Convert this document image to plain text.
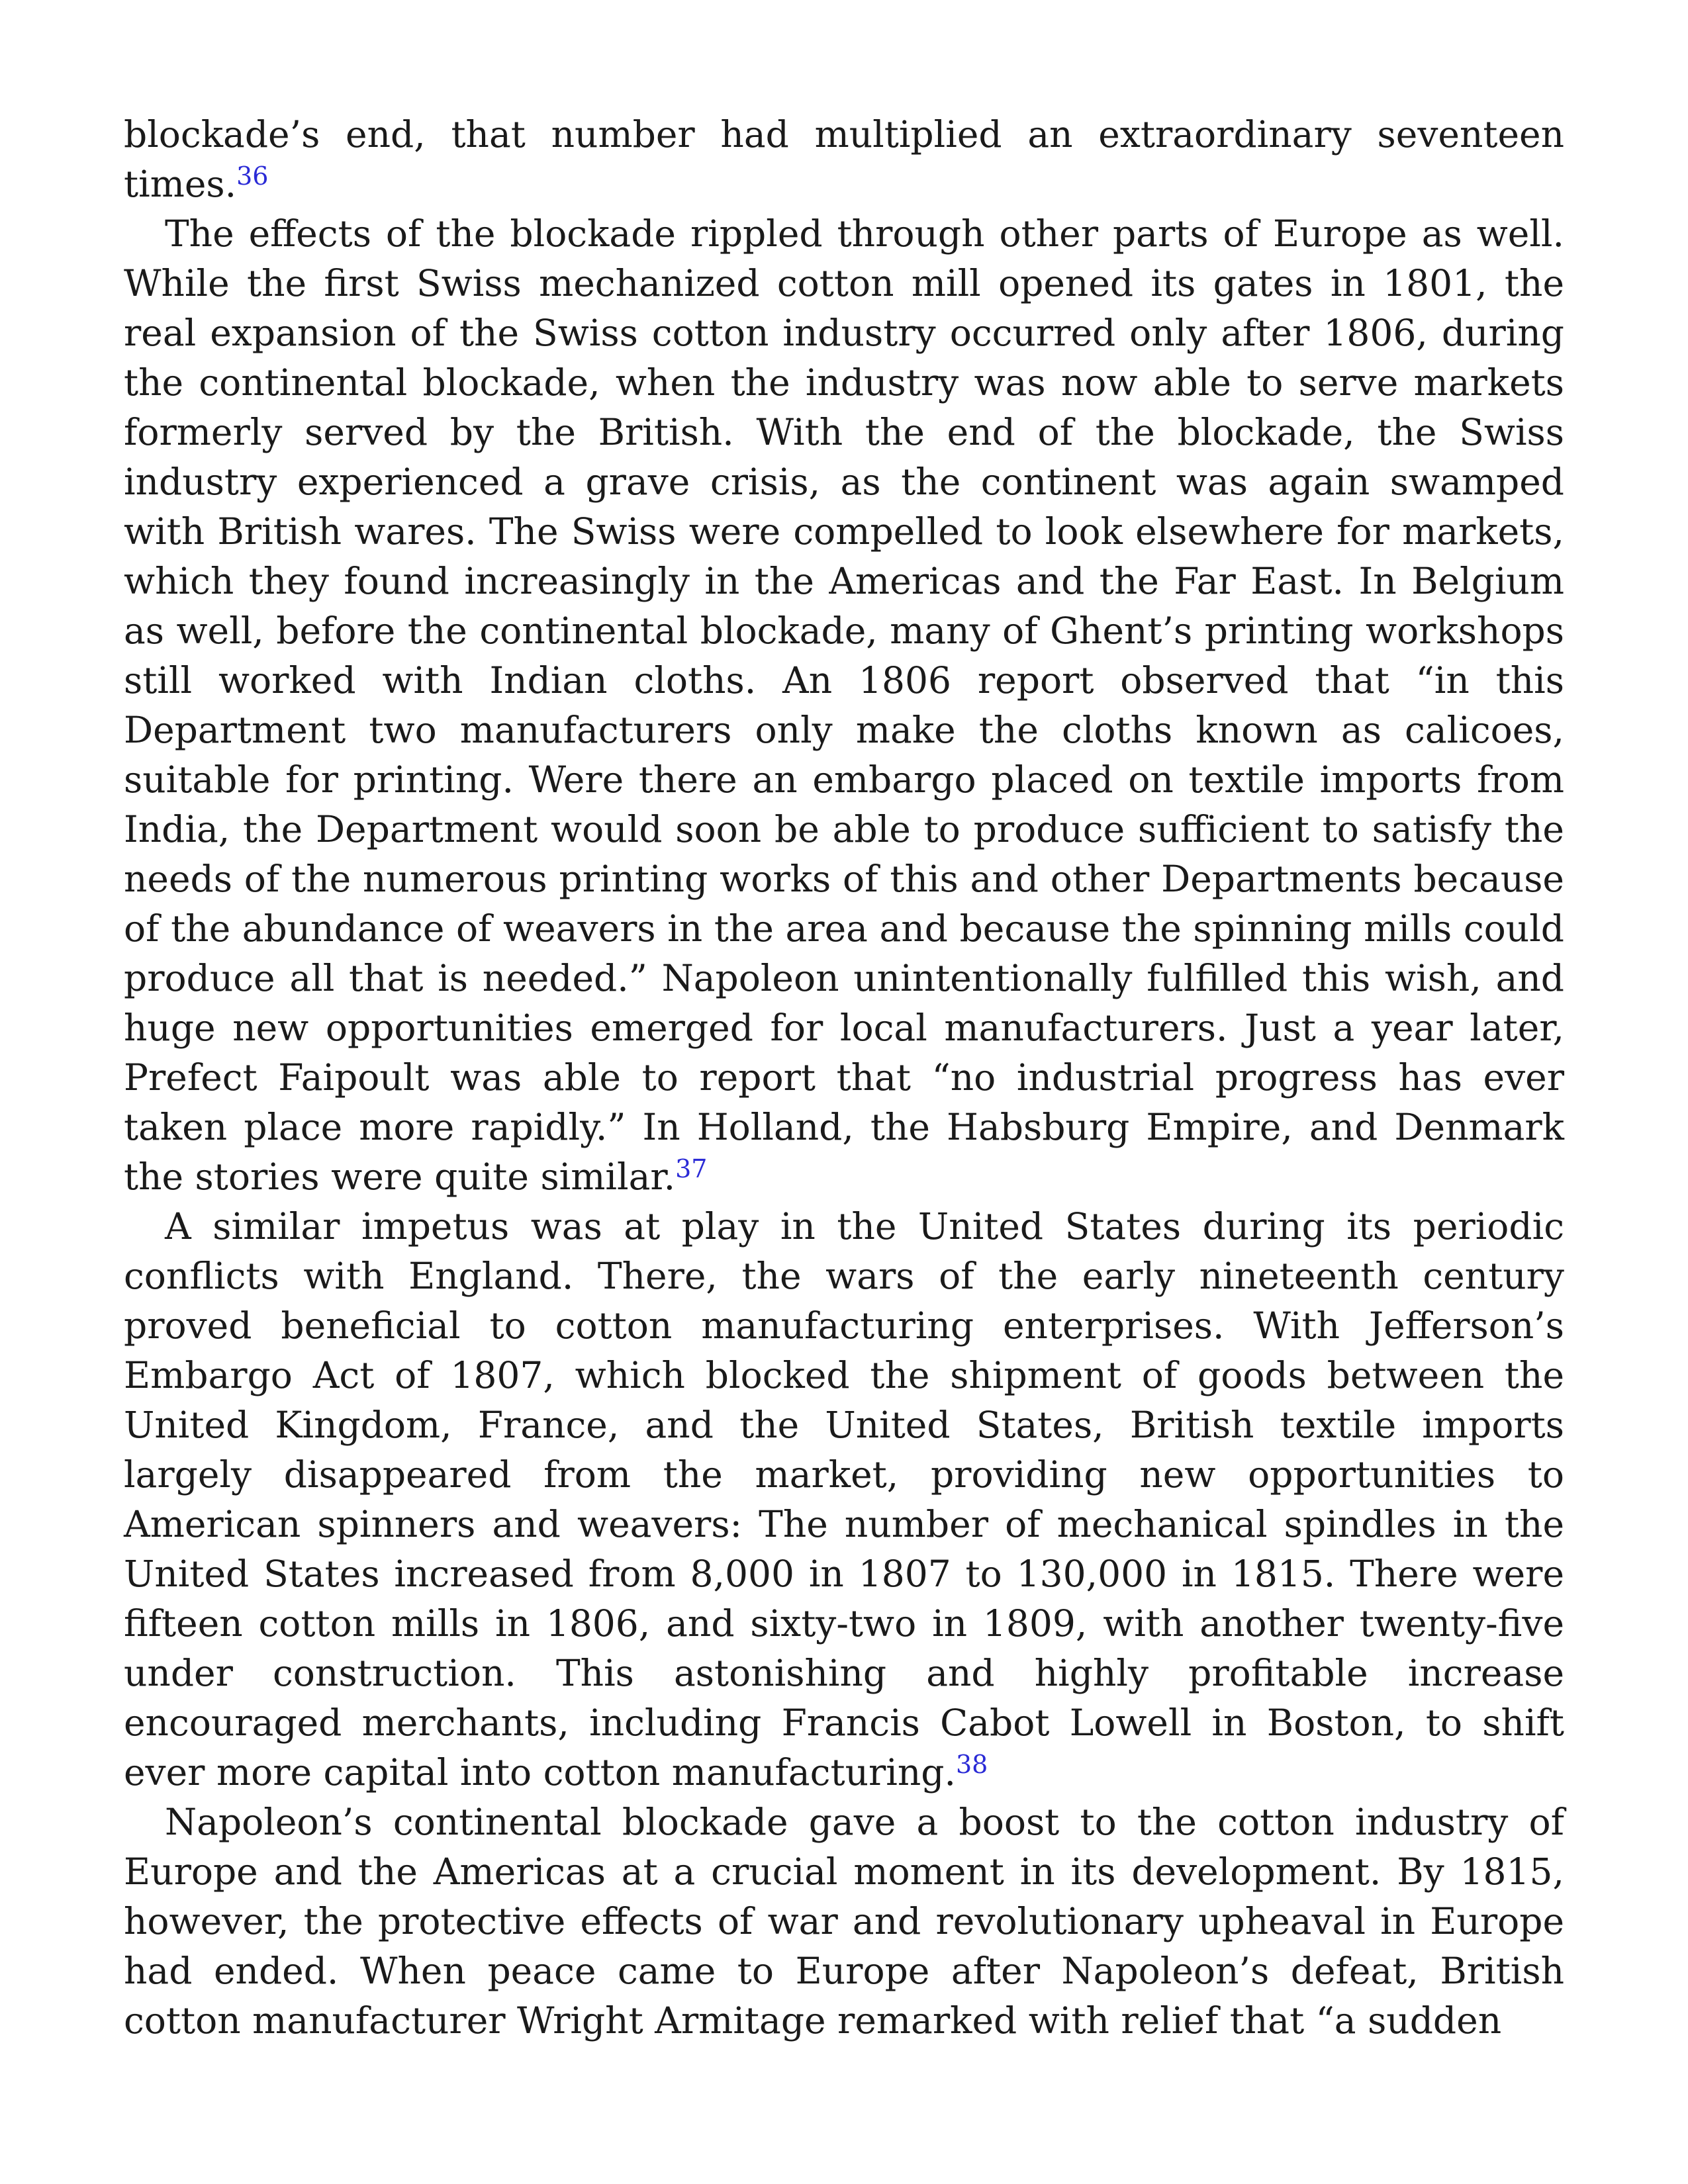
blockade’s end, that number had multiplied an extraordinary seventeen times.$^{36}$

The effects of the blockade rippled through other parts of Europe as well. While the first Swiss mechanized cotton mill opened its gates in 1801, the real expansion of the Swiss cotton industry occurred only after 1806, during the continental blockade, when the industry was now able to serve markets formerly served by the British. With the end of the blockade, the Swiss industry experienced a grave crisis, as the continent was again swamped with British wares. The Swiss were compelled to look elsewhere for markets, which they found increasingly in the Americas and the Far East. In Belgium as well, before the continental blockade, many of Ghent’s printing workshops still worked with Indian cloths. An 1806 report observed that “in this Department two manufacturers only make the cloths known as calicoes, suitable for printing. Were there an embargo placed on textile imports from India, the Department would soon be able to produce sufficient to satisfy the needs of the numerous printing works of this and other Departments because of the abundance of weavers in the area and because the spinning mills could produce all that is needed.” Napoleon unintentionally fulfilled this wish, and huge new opportunities emerged for local manufacturers. Just a year later, Prefect Faipoult was able to report that “no industrial progress has ever taken place more rapidly.” In Holland, the Habsburg Empire, and Denmark the stories were quite similar.$^{37}$

A similar impetus was at play in the United States during its periodic conflicts with England. There, the wars of the early nineteenth century proved beneficial to cotton manufacturing enterprises. With Jefferson’s Embargo Act of 1807, which blocked the shipment of goods between the United Kingdom, France, and the United States, British textile imports largely disappeared from the market, providing new opportunities to American spinners and weavers: The number of mechanical spindles in the United States increased from 8,000 in 1807 to 130,000 in 1815. There were fifteen cotton mills in 1806, and sixty-two in 1809, with another twenty-five under construction. This astonishing and highly profitable increase encouraged merchants, including Francis Cabot Lowell in Boston, to shift ever more capital into cotton manufacturing.$^{38}$

Napoleon’s continental blockade gave a boost to the cotton industry of Europe and the Americas at a crucial moment in its development. By 1815, however, the protective effects of war and revolutionary upheaval in Europe had ended. When peace came to Europe after Napoleon’s defeat, British cotton manufacturer Wright Armitage remarked with relief that “a sudden
